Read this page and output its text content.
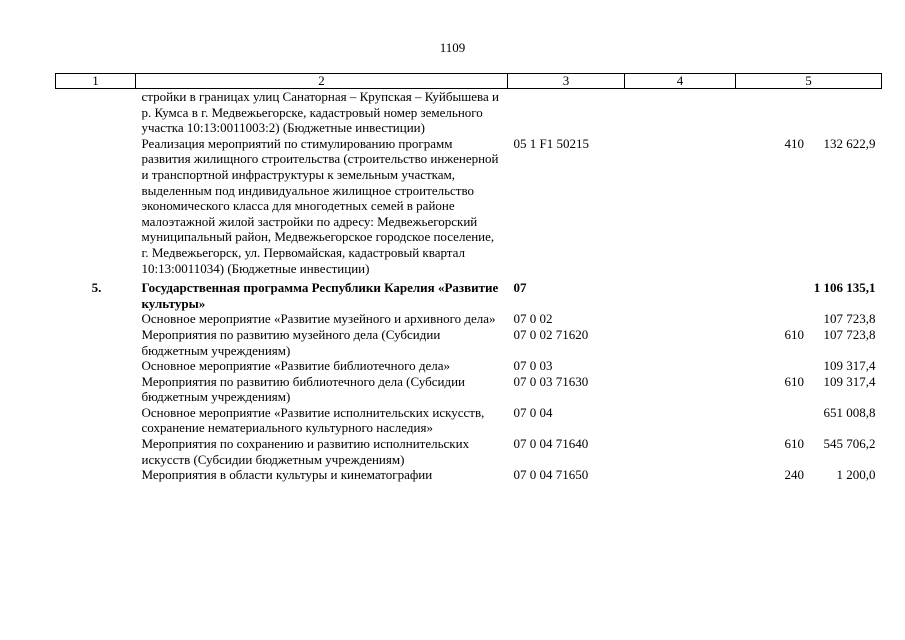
1109
1	2	3	4	5
	стройки в границах улиц Санаторная – Крупская – Куйбышева и р. Кумса в г. Медвежьегорске, кадастровый номер земельного участка 10:13:0011003:2) (Бюджетные инвестиции)			
	Реализация мероприятий по стимулированию программ развития жилищного строительства (строительство инженерной и транспортной инфраструктуры к земельным участкам, выделенным под индивидуальное жилищное строительство экономического класса для многодетных семей в районе малоэтажной жилой застройки по адресу: Медвежьегорский муниципальный район, Медвежьегорское городское поселение, г. Медвежьегорск, ул. Первомайская, кадастровый квартал 10:13:0011034) (Бюджетные инвестиции)	05 1 F1 50215	410	132 622,9
5.	Государственная программа Республики Карелия «Развитие культуры»	07		1 106 135,1
	Основное мероприятие «Развитие музейного и архивного дела»	07 0 02		107 723,8
	Мероприятия по развитию музейного дела (Субсидии бюджетным учреждениям)	07 0 02 71620	610	107 723,8
	Основное мероприятие «Развитие библиотечного дела»	07 0 03		109 317,4
	Мероприятия по развитию библиотечного дела (Субсидии бюджетным учреждениям)	07 0 03 71630	610	109 317,4
	Основное мероприятие «Развитие исполнительских искусств, сохранение нематериального культурного наследия»	07 0 04		651 008,8
	Мероприятия по сохранению и развитию исполнительских искусств (Субсидии бюджетным учреждениям)	07 0 04 71640	610	545 706,2
	Мероприятия в области культуры и кинематографии	07 0 04 71650	240	1 200,0
